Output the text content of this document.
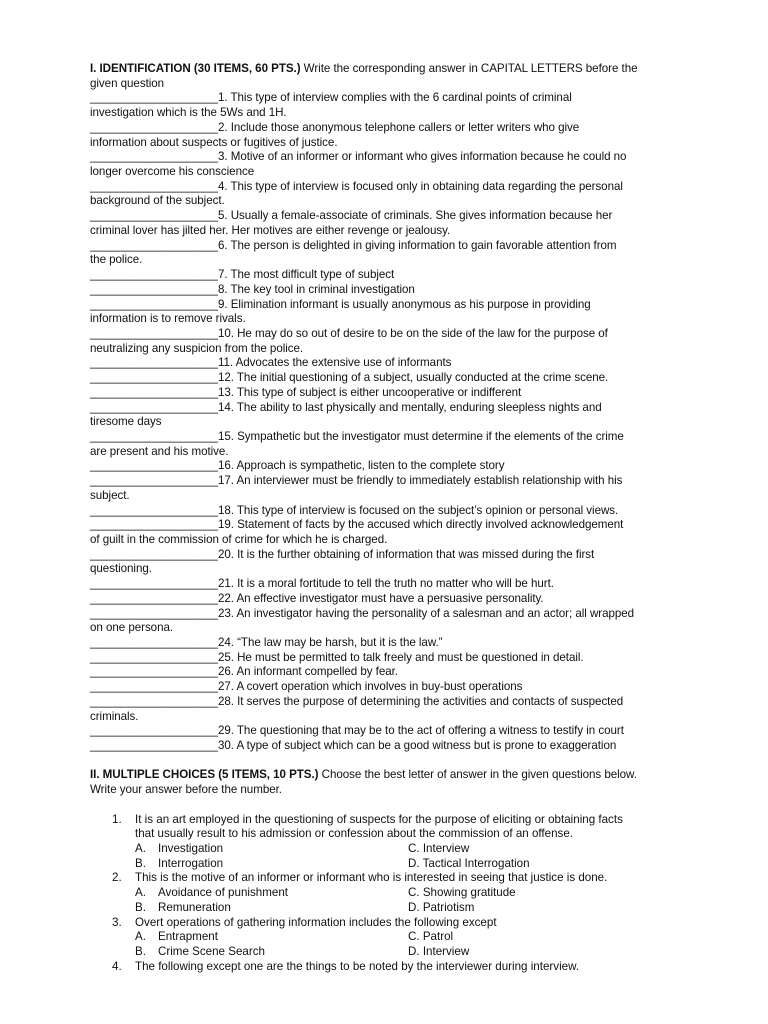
I. IDENTIFICATION (30 ITEMS, 60 PTS.) Write the corresponding answer in CAPITAL LETTERS before the
given question
____________________1. This type of interview complies with the 6 cardinal points of criminal
investigation which is the 5Ws and 1H.
____________________2. Include those anonymous telephone callers or letter writers who give
information about suspects or fugitives of justice.
____________________3. Motive of an informer or informant who gives information because he could no
longer overcome his conscience
____________________4. This type of interview is focused only in obtaining data regarding the personal
background of the subject.
____________________5. Usually a female-associate of criminals. She gives information because her
criminal lover has jilted her. Her motives are either revenge or jealousy.
____________________6. The person is delighted in giving information to gain favorable attention from
the police.
____________________7. The most difficult type of subject
____________________8. The key tool in criminal investigation
____________________9. Elimination informant is usually anonymous as his purpose in providing
information is to remove rivals.
____________________10. He may do so out of desire to be on the side of the law for the purpose of
neutralizing any suspicion from the police.
____________________11. Advocates the extensive use of informants
____________________12. The initial questioning of a subject, usually conducted at the crime scene.
____________________13. This type of subject is either uncooperative or indifferent
____________________14. The ability to last physically and mentally, enduring sleepless nights and
tiresome days
____________________15. Sympathetic but the investigator must determine if the elements of the crime
are present and his motive.
____________________16. Approach is sympathetic, listen to the complete story
____________________17. An interviewer must be friendly to immediately establish relationship with his
subject.
____________________18. This type of interview is focused on the subject’s opinion or personal views.
____________________19. Statement of facts by the accused which directly involved acknowledgement
of guilt in the commission of crime for which he is charged.
____________________20. It is the further obtaining of information that was missed during the first
questioning.
____________________21. It is a moral fortitude to tell the truth no matter who will be hurt.
____________________22. An effective investigator must have a persuasive personality.
____________________23. An investigator having the personality of a salesman and an actor; all wrapped
on one persona.
____________________24. “The law may be harsh, but it is the law.”
____________________25. He must be permitted to talk freely and must be questioned in detail.
____________________26. An informant compelled by fear.
____________________27. A covert operation which involves in buy-bust operations
____________________28. It serves the purpose of determining the activities and contacts of suspected
criminals.
____________________29. The questioning that may be to the act of offering a witness to testify in court
____________________30. A type of subject which can be a good witness but is prone to exaggeration
II. MULTIPLE CHOICES (5 ITEMS, 10 PTS.) Choose the best letter of answer in the given questions below.
Write your answer before the number.
1. It is an art employed in the questioning of suspects for the purpose of eliciting or obtaining facts
that usually result to his admission or confession about the commission of an offense.
A. Investigation	C. Interview
B. Interrogation	D. Tactical Interrogation
2. This is the motive of an informer or informant who is interested in seeing that justice is done.
A. Avoidance of punishment	C. Showing gratitude
B. Remuneration	D. Patriotism
3. Overt operations of gathering information includes the following except
A. Entrapment	C. Patrol
B. Crime Scene Search	D. Interview
4. The following except one are the things to be noted by the interviewer during interview.
